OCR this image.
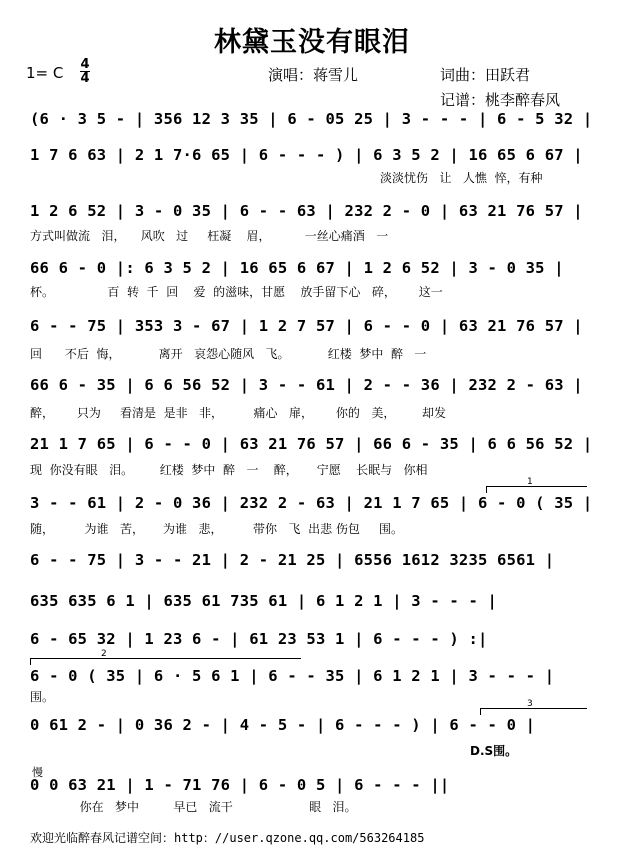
林黛玉没有眼泪
1= C 4
4	演唱：蒋雪儿	词曲：田跃君
记谱：桃李醉春风
(6 · 3 5 - | 356 12 3 35 | 6 - 05 25 | 3 - - - | 6 - 5 32 |
1 7 6 63 | 2 1 7·6 65 | 6 - - - ) | 6 3 5 2 | 16 65 6 67 |
淡淡忧伤   让   人憔  悴，有种
1 2 6 52 | 3 - 0 35 | 6 - - 63 | 232 2 - 0 | 63 21 76 57 |
方式叫做流   泪，    风吹   过     枉凝    眉，         一丝心痛酒   一
66 6 - 0 |: 6 3 5 2 | 16 65 6 67 | 1 2 6 52 | 3 - 0 35 |
杯。              百  转  千  回    爱  的滋味，甘愿    放手留下心   碎，      这一
6 - - 75 | 353 3 - 67 | 1 2 7 57 | 6 - - 0 | 63 21 76 57 |
回      不后  悔，          离开   哀怨心随风   飞。          红楼  梦中  醉   一
66 6 - 35 | 6 6 56 52 | 3 - - 61 | 2 - - 36 | 232 2 - 63 |
醉，      只为     看清是  是非   非，        痛心   扉，      你的   美，       却发
21 1 7 65 | 6 - - 0 | 63 21 76 57 | 66 6 - 35 | 6 6 56 52 |
现  你没有眼   泪。       红楼  梦中  醉   一    醉，     宁愿    长眠与   你相
1
3 - - 61 | 2 - 0 36 | 232 2 - 63 | 21 1 7 65 | 6 - 0 ( 35 |
随，        为谁   苦，     为谁   悲，        带你   飞  出悲 伤包     围。
6 - - 75 | 3 - - 21 | 2 - 21 25 | 6556 1612 3235 6561 |
635 635 6 1 | 635 61 735 61 | 6 1 2 1 | 3 - - - |
6 - 65 32 | 1 23 6 - | 61 23 53 1 | 6 - - - ) :|
2
6 - 0 ( 35 | 6 · 5 6 1 | 6 - - 35 | 6 1 2 1 | 3 - - - |
围。	3
0 61 2 - | 0 36 2 - | 4 - 5 - | 6 - - - ) | 6 - - 0 |
D.S围。
慢
0 0 63 21 | 1 - 71 76 | 6 - 0 5 | 6 - - - ||
你在   梦中         早已   流干                    眼   泪。
欢迎光临醉春风记谱空间：http：//user.qzone.qq.com/563264185
